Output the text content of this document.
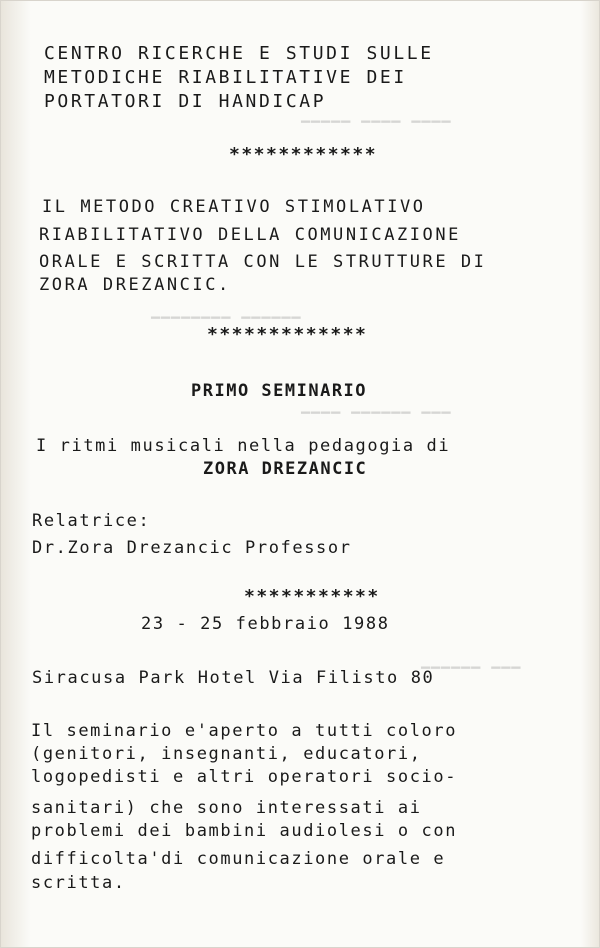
▁▁▁▁▁ ▁▁▁▁ ▁▁▁▁
▁▁▁▁▁▁▁▁ ▁▁▁▁▁▁
▁▁▁▁ ▁▁▁▁▁▁ ▁▁▁
▁▁▁▁▁▁ ▁▁▁
CENTRO RICERCHE E STUDI SULLE
METODICHE RIABILITATIVE DEI
PORTATORI DI HANDICAP
************
IL METODO CREATIVO STIMOLATIVO
RIABILITATIVO DELLA COMUNICAZIONE
ORALE E SCRITTA CON LE STRUTTURE DI
ZORA DREZANCIC.
*************
PRIMO SEMINARIO
I ritmi musicali nella pedagogia di
ZORA DREZANCIC
Relatrice:
Dr.Zora Drezancic Professor
***********
23 - 25 febbraio 1988
Siracusa Park Hotel Via Filisto 80
Il seminario e'aperto a tutti coloro
(genitori, insegnanti, educatori,
logopedisti e altri operatori socio-
sanitari) che sono interessati ai
problemi dei bambini audiolesi o con
difficolta'di comunicazione orale e
scritta.
